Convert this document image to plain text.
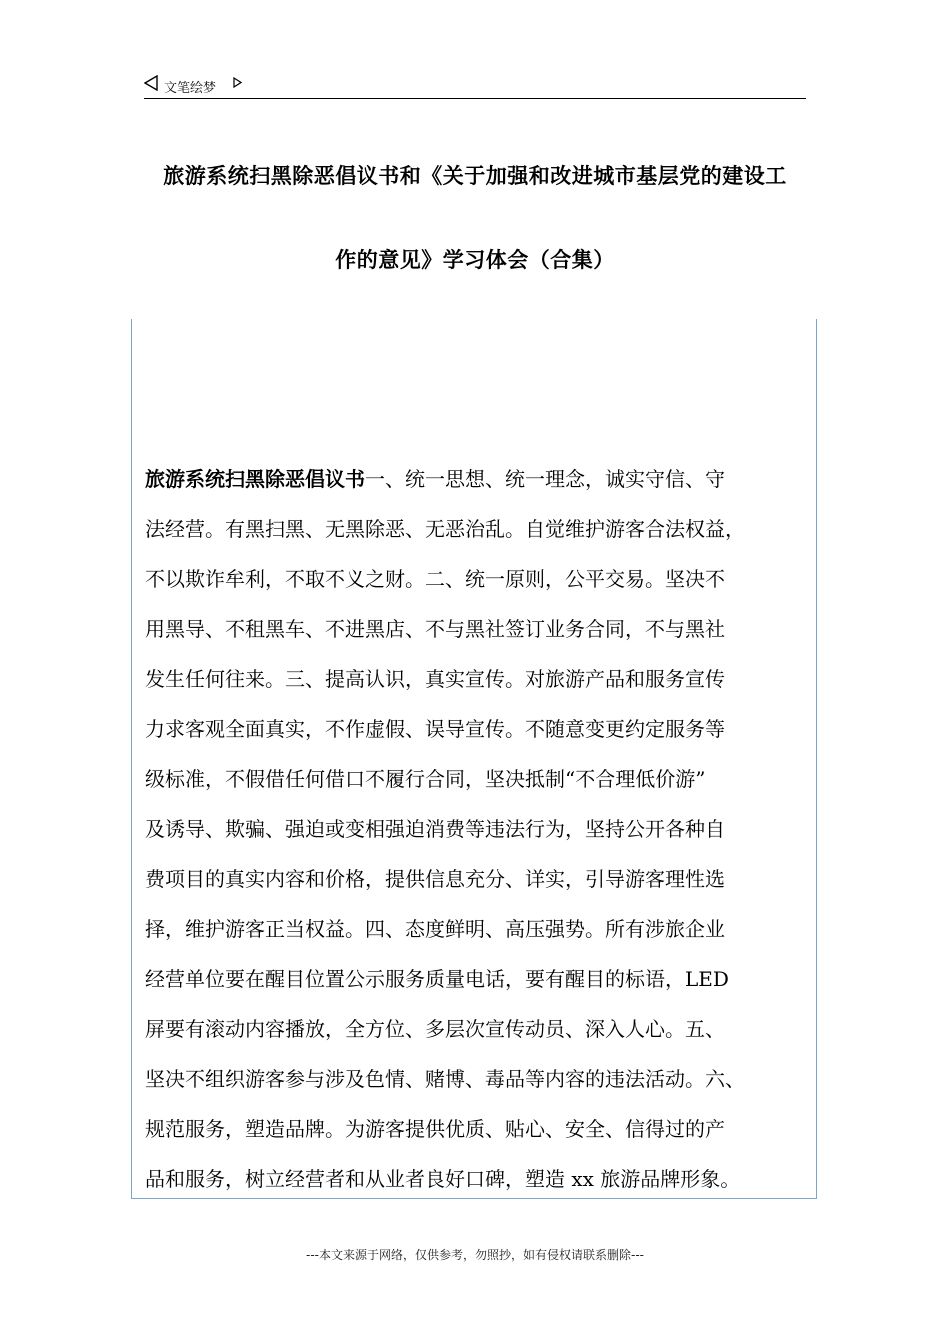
文笔绘梦
旅游系统扫黑除恶倡议书和《关于加强和改进城市基层党的建设工
作的意见》学习体会（合集）
旅游系统扫黑除恶倡议书一、统一思想、统一理念，诚实守信、守
法经营。有黑扫黑、无黑除恶、无恶治乱。自觉维护游客合法权益，
不以欺诈牟利，不取不义之财。二、统一原则，公平交易。坚决不
用黑导、不租黑车、不进黑店、不与黑社签订业务合同，不与黑社
发生任何往来。三、提高认识，真实宣传。对旅游产品和服务宣传
力求客观全面真实，不作虚假、误导宣传。不随意变更约定服务等
级标准，不假借任何借口不履行合同，坚决抵制“不合理低价游”
及诱导、欺骗、强迫或变相强迫消费等违法行为，坚持公开各种自
费项目的真实内容和价格，提供信息充分、详实，引导游客理性选
择，维护游客正当权益。四、态度鲜明、高压强势。所有涉旅企业
经营单位要在醒目位置公示服务质量电话，要有醒目的标语，LED
屏要有滚动内容播放，全方位、多层次宣传动员、深入人心。五、
坚决不组织游客参与涉及色情、赌博、毒品等内容的违法活动。六、
规范服务，塑造品牌。为游客提供优质、贴心、安全、信得过的产
品和服务，树立经营者和从业者良好口碑，塑造 xx 旅游品牌形象。
---本文来源于网络，仅供参考，勿照抄，如有侵权请联系删除---
